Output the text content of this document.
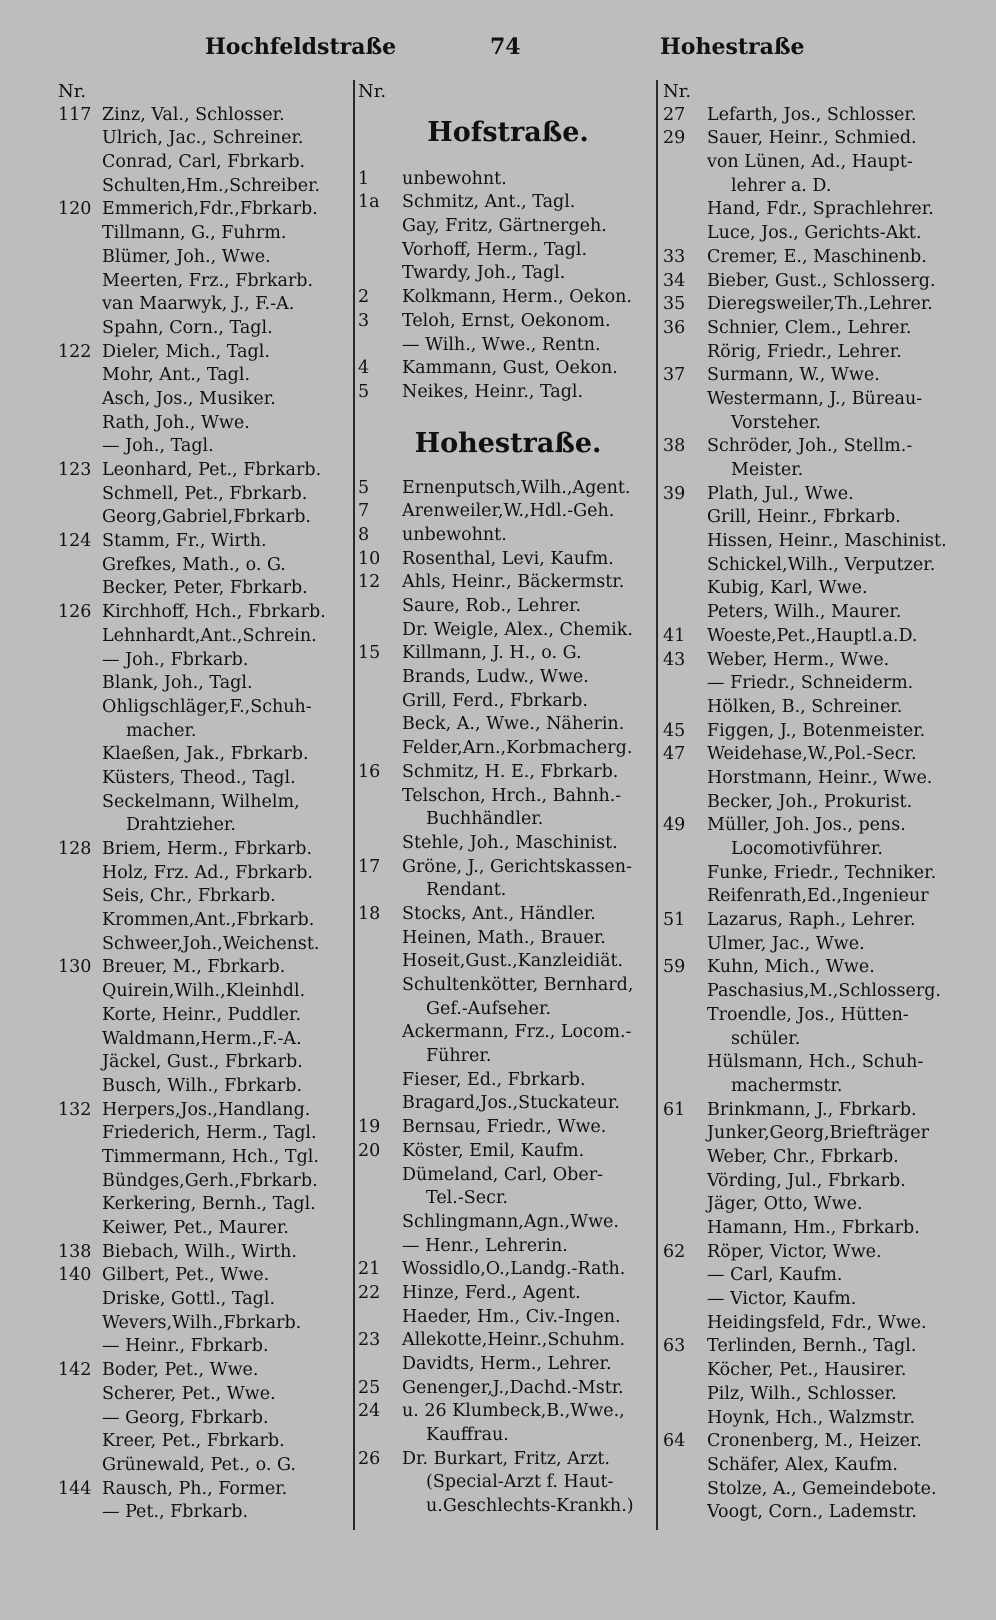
Hochfeldstraße	74	Hohestraße
Nr.
117 Zinz, Val., Schlosser.
Ulrich, Jac., Schreiner.
Conrad, Carl, Fbrkarb.
Schulten,Hm.,Schreiber.
120 Emmerich,Fdr.,Fbrkarb.
Tillmann, G., Fuhrm.
Blümer, Joh., Wwe.
Meerten, Frz., Fbrkarb.
van Maarwyk, J., F.-A.
Spahn, Corn., Tagl.
122 Dieler, Mich., Tagl.
Mohr, Ant., Tagl.
Asch, Jos., Musiker.
Rath, Joh., Wwe.
— Joh., Tagl.
123 Leonhard, Pet., Fbrkarb.
Schmell, Pet., Fbrkarb.
Georg,Gabriel,Fbrkarb.
124 Stamm, Fr., Wirth.
Grefkes, Math., o. G.
Becker, Peter, Fbrkarb.
126 Kirchhoff, Hch., Fbrkarb.
Lehnhardt,Ant.,Schrein.
— Joh., Fbrkarb.
Blank, Joh., Tagl.
Ohligschläger,F.,Schuh-
macher.
Klaeßen, Jak., Fbrkarb.
Küsters, Theod., Tagl.
Seckelmann, Wilhelm,
Drahtzieher.
128 Briem, Herm., Fbrkarb.
Holz, Frz. Ad., Fbrkarb.
Seis, Chr., Fbrkarb.
Krommen,Ant.,Fbrkarb.
Schweer,Joh.,Weichenst.
130 Breuer, M., Fbrkarb.
Quirein,Wilh.,Kleinhdl.
Korte, Heinr., Puddler.
Waldmann,Herm.,F.-A.
Jäckel, Gust., Fbrkarb.
Busch, Wilh., Fbrkarb.
132 Herpers,Jos.,Handlang.
Friederich, Herm., Tagl.
Timmermann, Hch., Tgl.
Bündges,Gerh.,Fbrkarb.
Kerkering, Bernh., Tagl.
Keiwer, Pet., Maurer.
138 Biebach, Wilh., Wirth.
140 Gilbert, Pet., Wwe.
Driske, Gottl., Tagl.
Wevers,Wilh.,Fbrkarb.
— Heinr., Fbrkarb.
142 Boder, Pet., Wwe.
Scherer, Pet., Wwe.
— Georg, Fbrkarb.
Kreer, Pet., Fbrkarb.
Grünewald, Pet., o. G.
144 Rausch, Ph., Former.
— Pet., Fbrkarb.
Nr.
Hofstraße.
1	unbewohnt.
1a	Schmitz, Ant., Tagl.
Gay, Fritz, Gärtnergeh.
Vorhoff, Herm., Tagl.
Twardy, Joh., Tagl.
2	Kolkmann, Herm., Oekon.
3	Teloh, Ernst, Oekonom.
— Wilh., Wwe., Rentn.
4	Kammann, Gust, Oekon.
5	Neikes, Heinr., Tagl.
Hohestraße.
5	Ernenputsch,Wilh.,Agent.
7	Arenweiler,W.,Hdl.-Geh.
8	unbewohnt.
10	Rosenthal, Levi, Kaufm.
12	Ahls, Heinr., Bäckermstr.
Saure, Rob., Lehrer.
Dr. Weigle, Alex., Chemik.
15	Killmann, J. H., o. G.
Brands, Ludw., Wwe.
Grill, Ferd., Fbrkarb.
Beck, A., Wwe., Näherin.
Felder,Arn.,Korbmacherg.
16	Schmitz, H. E., Fbrkarb.
Telschon, Hrch., Bahnh.-
Buchhändler.
Stehle, Joh., Maschinist.
17	Gröne, J., Gerichtskassen-
Rendant.
18	Stocks, Ant., Händler.
Heinen, Math., Brauer.
Hoseit,Gust.,Kanzleidiät.
Schultenkötter, Bernhard,
Gef.-Aufseher.
Ackermann, Frz., Locom.-
Führer.
Fieser, Ed., Fbrkarb.
Bragard,Jos.,Stuckateur.
19	Bernsau, Friedr., Wwe.
20	Köster, Emil, Kaufm.
Dümeland, Carl, Ober-
Tel.-Secr.
Schlingmann,Agn.,Wwe.
— Henr., Lehrerin.
21	Wossidlo,O.,Landg.-Rath.
22	Hinze, Ferd., Agent.
Haeder, Hm., Civ.-Ingen.
23	Allekotte,Heinr.,Schuhm.
Davidts, Herm., Lehrer.
25	Genenger,J.,Dachd.-Mstr.
24	u. 26 Klumbeck,B.,Wwe.,
Kauffrau.
26	Dr. Burkart, Fritz, Arzt.
(Special-Arzt f. Haut-
u.Geschlechts-Krankh.)
Nr.
27	Lefarth, Jos., Schlosser.
29	Sauer, Heinr., Schmied.
von Lünen, Ad., Haupt-
lehrer a. D.
Hand, Fdr., Sprachlehrer.
Luce, Jos., Gerichts-Akt.
33	Cremer, E., Maschinenb.
34	Bieber, Gust., Schlosserg.
35	Dieregsweiler,Th.,Lehrer.
36	Schnier, Clem., Lehrer.
Rörig, Friedr., Lehrer.
37	Surmann, W., Wwe.
Westermann, J., Büreau-
Vorsteher.
38	Schröder, Joh., Stellm.-
Meister.
39	Plath, Jul., Wwe.
Grill, Heinr., Fbrkarb.
Hissen, Heinr., Maschinist.
Schickel,Wilh., Verputzer.
Kubig, Karl, Wwe.
Peters, Wilh., Maurer.
41	Woeste,Pet.,Hauptl.a.D.
43	Weber, Herm., Wwe.
— Friedr., Schneiderm.
Hölken, B., Schreiner.
45	Figgen, J., Botenmeister.
47	Weidehase,W.,Pol.-Secr.
Horstmann, Heinr., Wwe.
Becker, Joh., Prokurist.
49	Müller, Joh. Jos., pens.
Locomotivführer.
Funke, Friedr., Techniker.
Reifenrath,Ed.,Ingenieur
51	Lazarus, Raph., Lehrer.
Ulmer, Jac., Wwe.
59	Kuhn, Mich., Wwe.
Paschasius,M.,Schlosserg.
Troendle, Jos., Hütten-
schüler.
Hülsmann, Hch., Schuh-
machermstr.
61	Brinkmann, J., Fbrkarb.
Junker,Georg,Briefträger
Weber, Chr., Fbrkarb.
Vörding, Jul., Fbrkarb.
Jäger, Otto, Wwe.
Hamann, Hm., Fbrkarb.
62	Röper, Victor, Wwe.
— Carl, Kaufm.
— Victor, Kaufm.
Heidingsfeld, Fdr., Wwe.
63	Terlinden, Bernh., Tagl.
Köcher, Pet., Hausirer.
Pilz, Wilh., Schlosser.
Hoynk, Hch., Walzmstr.
64	Cronenberg, M., Heizer.
Schäfer, Alex, Kaufm.
Stolze, A., Gemeindebote.
Voogt, Corn., Lademstr.
